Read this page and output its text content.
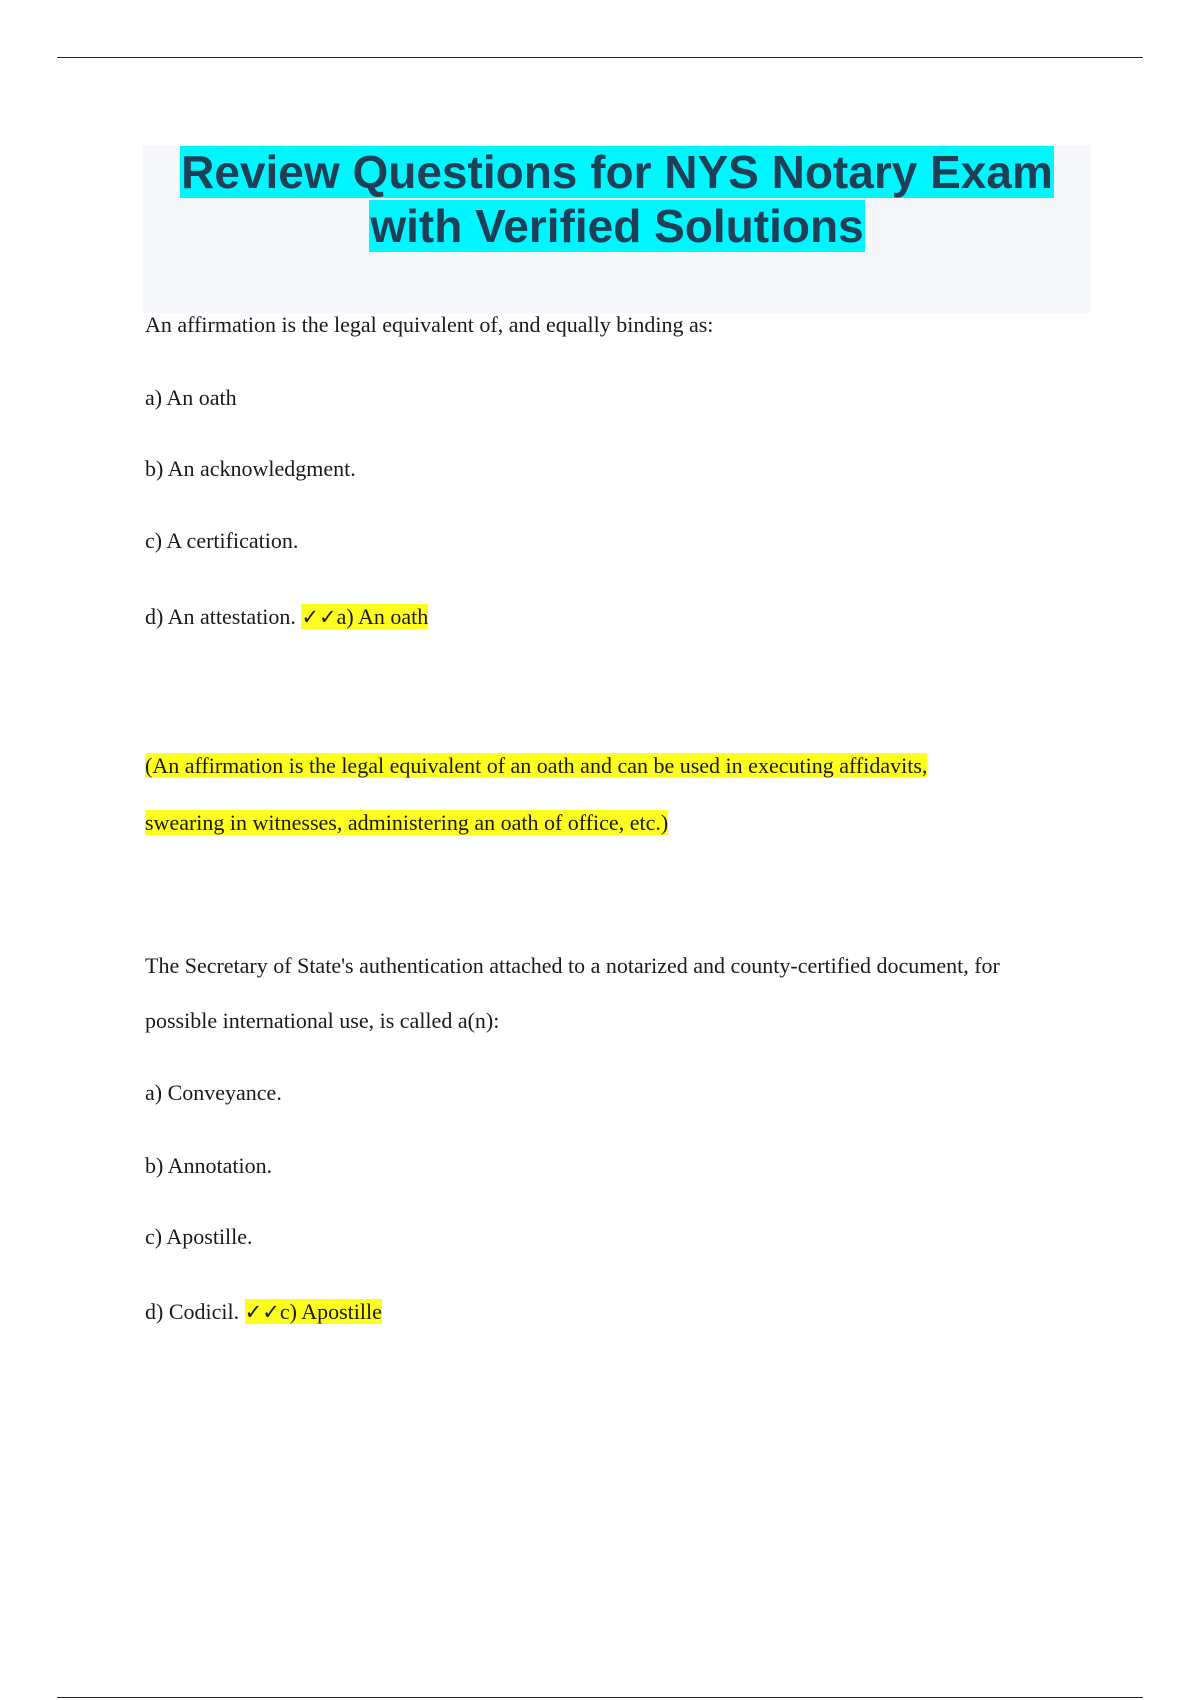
Review Questions for NYS Notary Exam
with Verified Solutions

An affirmation is the legal equivalent of, and equally binding as:

a) An oath

b) An acknowledgment.

c) A certification.

d) An attestation. ✓✓a) An oath

(An affirmation is the legal equivalent of an oath and can be used in executing affidavits,

swearing in witnesses, administering an oath of office, etc.)

The Secretary of State's authentication attached to a notarized and county-certified document, for

possible international use, is called a(n):

a) Conveyance.

b) Annotation.

c) Apostille.

d) Codicil. ✓✓c) Apostille
